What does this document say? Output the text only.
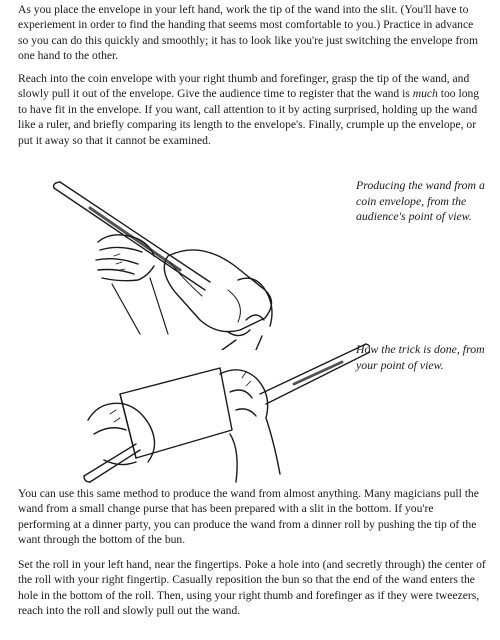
As you place the envelope in your left hand, work the tip of the wand into the slit. (You'll have to experiement in order to find the handing that seems most comfortable to you.) Practice in advance so you can do this quickly and smoothly; it has to look like you're just switching the envelope from one hand to the other.

Reach into the coin envelope with your right thumb and forefinger, grasp the tip of the wand, and slowly pull it out of the envelope. Give the audience time to register that the wand is much too long to have fit in the envelope. If you want, call attention to it by acting surprised, holding up the wand like a ruler, and briefly comparing its length to the envelope's. Finally, crumple up the envelope, or put it away so that it cannot be examined.

Producing the wand from a coin envelope, from the audience's point of view.

How the trick is done, from your point of view.

You can use this same method to produce the wand from almost anything. Many magicians pull the wand from a small change purse that has been prepared with a slit in the bottom. If you're performing at a dinner party, you can produce the wand from a dinner roll by pushing the tip of the want through the bottom of the bun.

Set the roll in your left hand, near the fingertips. Poke a hole into (and secretly through) the center of the roll with your right fingertip. Casually reposition the bun so that the end of the wand enters the hole in the bottom of the roll. Then, using your right thumb and forefinger as if they were tweezers, reach into the roll and slowly pull out the wand.
